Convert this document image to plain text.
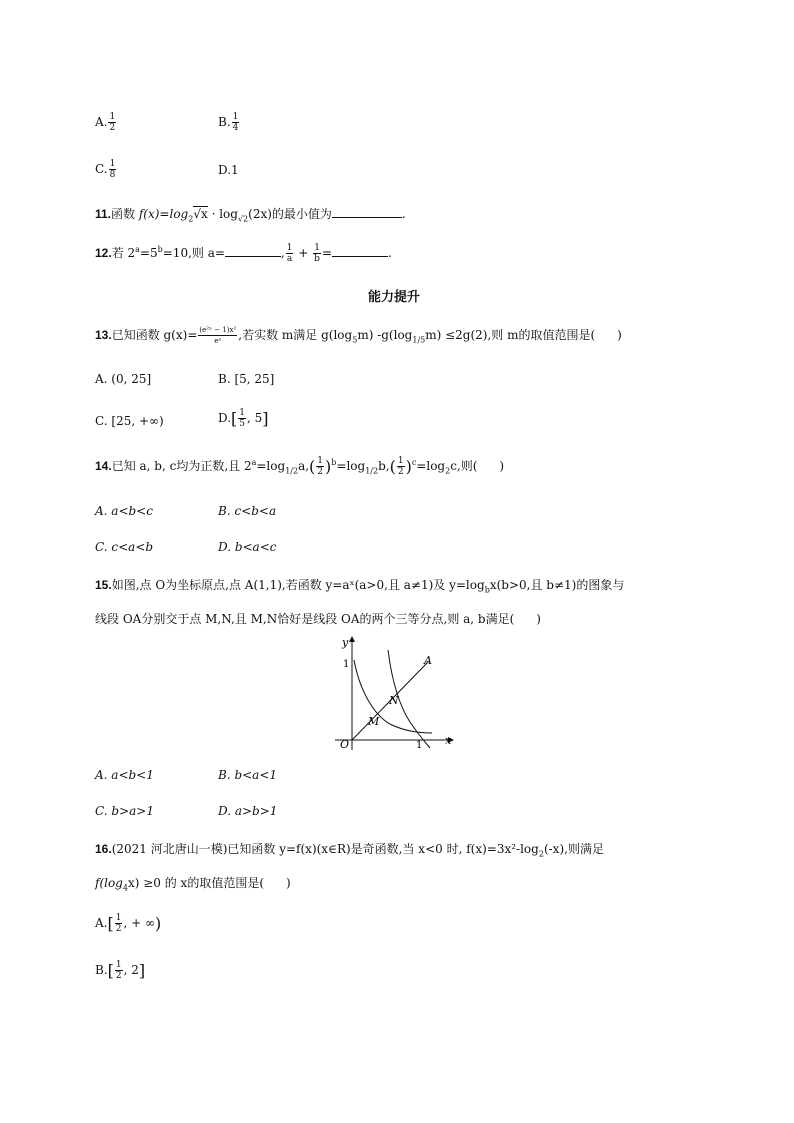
A. $\frac{1}{2}$	B. $\frac{1}{4}$
C. $\frac{1}{8}$	D.1
11.函数 $f(x)=\log_2√x \cdot \log_{√2}(2x)$的最小值为	.
12.若 $2^a=5^b=10$,则 a=	, $\frac{1}{a} + \frac{1}{b}$ =	.
能力提升
13.已知函数 $g(x)= \frac{\text{(e²ˣ − 1)x²}}{\text{eˣ}}$ ,若实数 m满足 $g(\log_5m)$ $-g(\log_{1/5}m) \le 2g(2)$,则 m的取值范围是( )
A. (0, 25]	B. [5, 25]
C. [25, +∞)	$D.[ \frac{1}{5}$ , 5]
14.已知 a, b, c均为正数,且 $2^a=\log_{1/2}a,( \frac{1}{2} )^b=\log_{1/2}b,( \frac{1}{2} )^c=\log_2c$,则( )
A. a<b<c	B. c<b<a
C. c<a<b	D. b<a<c
15.如图,点 O为坐标原点,点 A(1,1),若函数 y=aˣ(a>0,且 a≠1)及 $y=\log_bx(b>0$,且 b≠1)的图象与
线段 OA分别交于点 M,N,且 M,N恰好是线段 OA的两个三等分点,则 a, b满足( )
y
x
O
1
1
A
M
N
A. a<b<1	B. b<a<1
C. b>a>1	D. a>b>1
16.(2021 河北唐山一模)已知函数 y=f(x)(x∈R)是奇函数,当 x<0 时, $f(x)=3x^2-\log_2(-x)$,则满足
$f(\log_4x) \ge 0$ 的 x的取值范围是( )
$A.[ \frac{1}{2}$ , + ∞)
$B.[ \frac{1}{2}$ , 2]
